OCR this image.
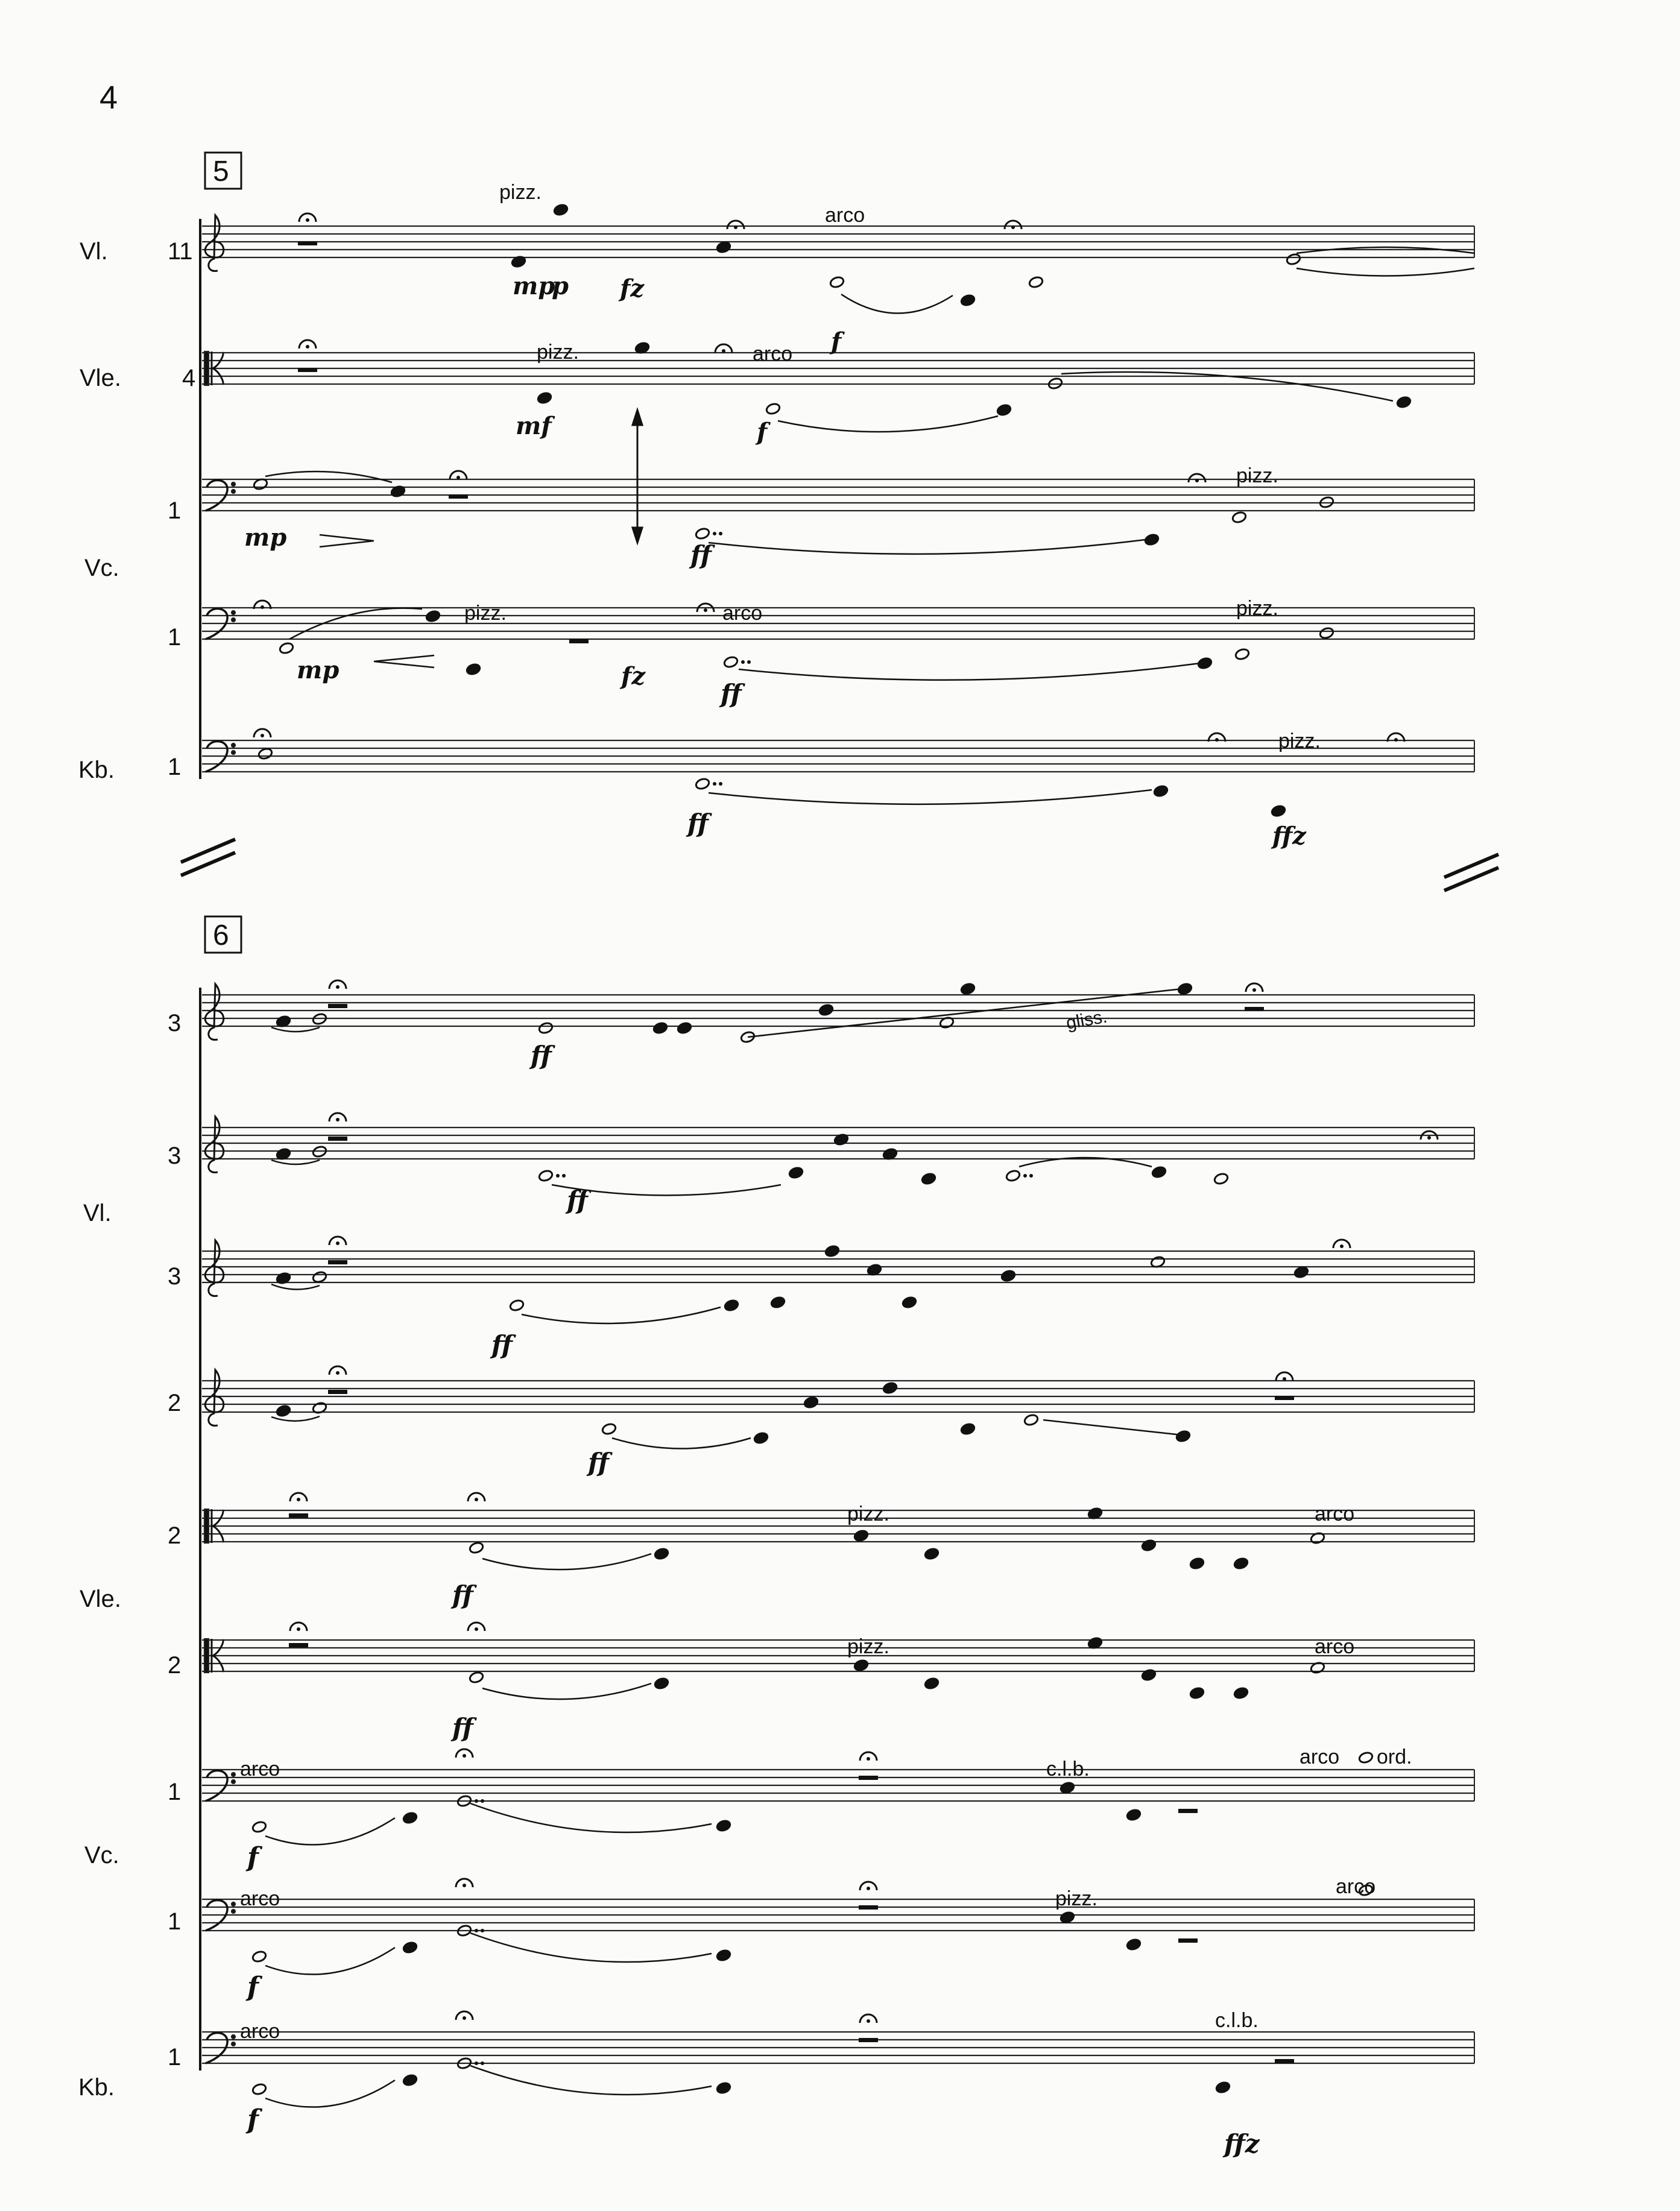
4
5
Vl.
Vle.
Vc.
Kb.
11
4
1
1
1
pizz.
arco
pizz.	arco
pizz.
pizz.	arco	pizz.
pizz.
mp
p fz
f
mf	f
mp
ff
mp	fz
ff
ff	ffz
6
Vl.
Vle.
Vc.
Kb.
3
3
3
2
2
2
1
1
1
gliss.
pizz.	arco
pizz.	arco
arco	c.l.b.
arco ord.
arco	pizz.
arco
arco	c.l.b.
ff
ff
ff
ff
ff
ff
f
f
f
ffz
